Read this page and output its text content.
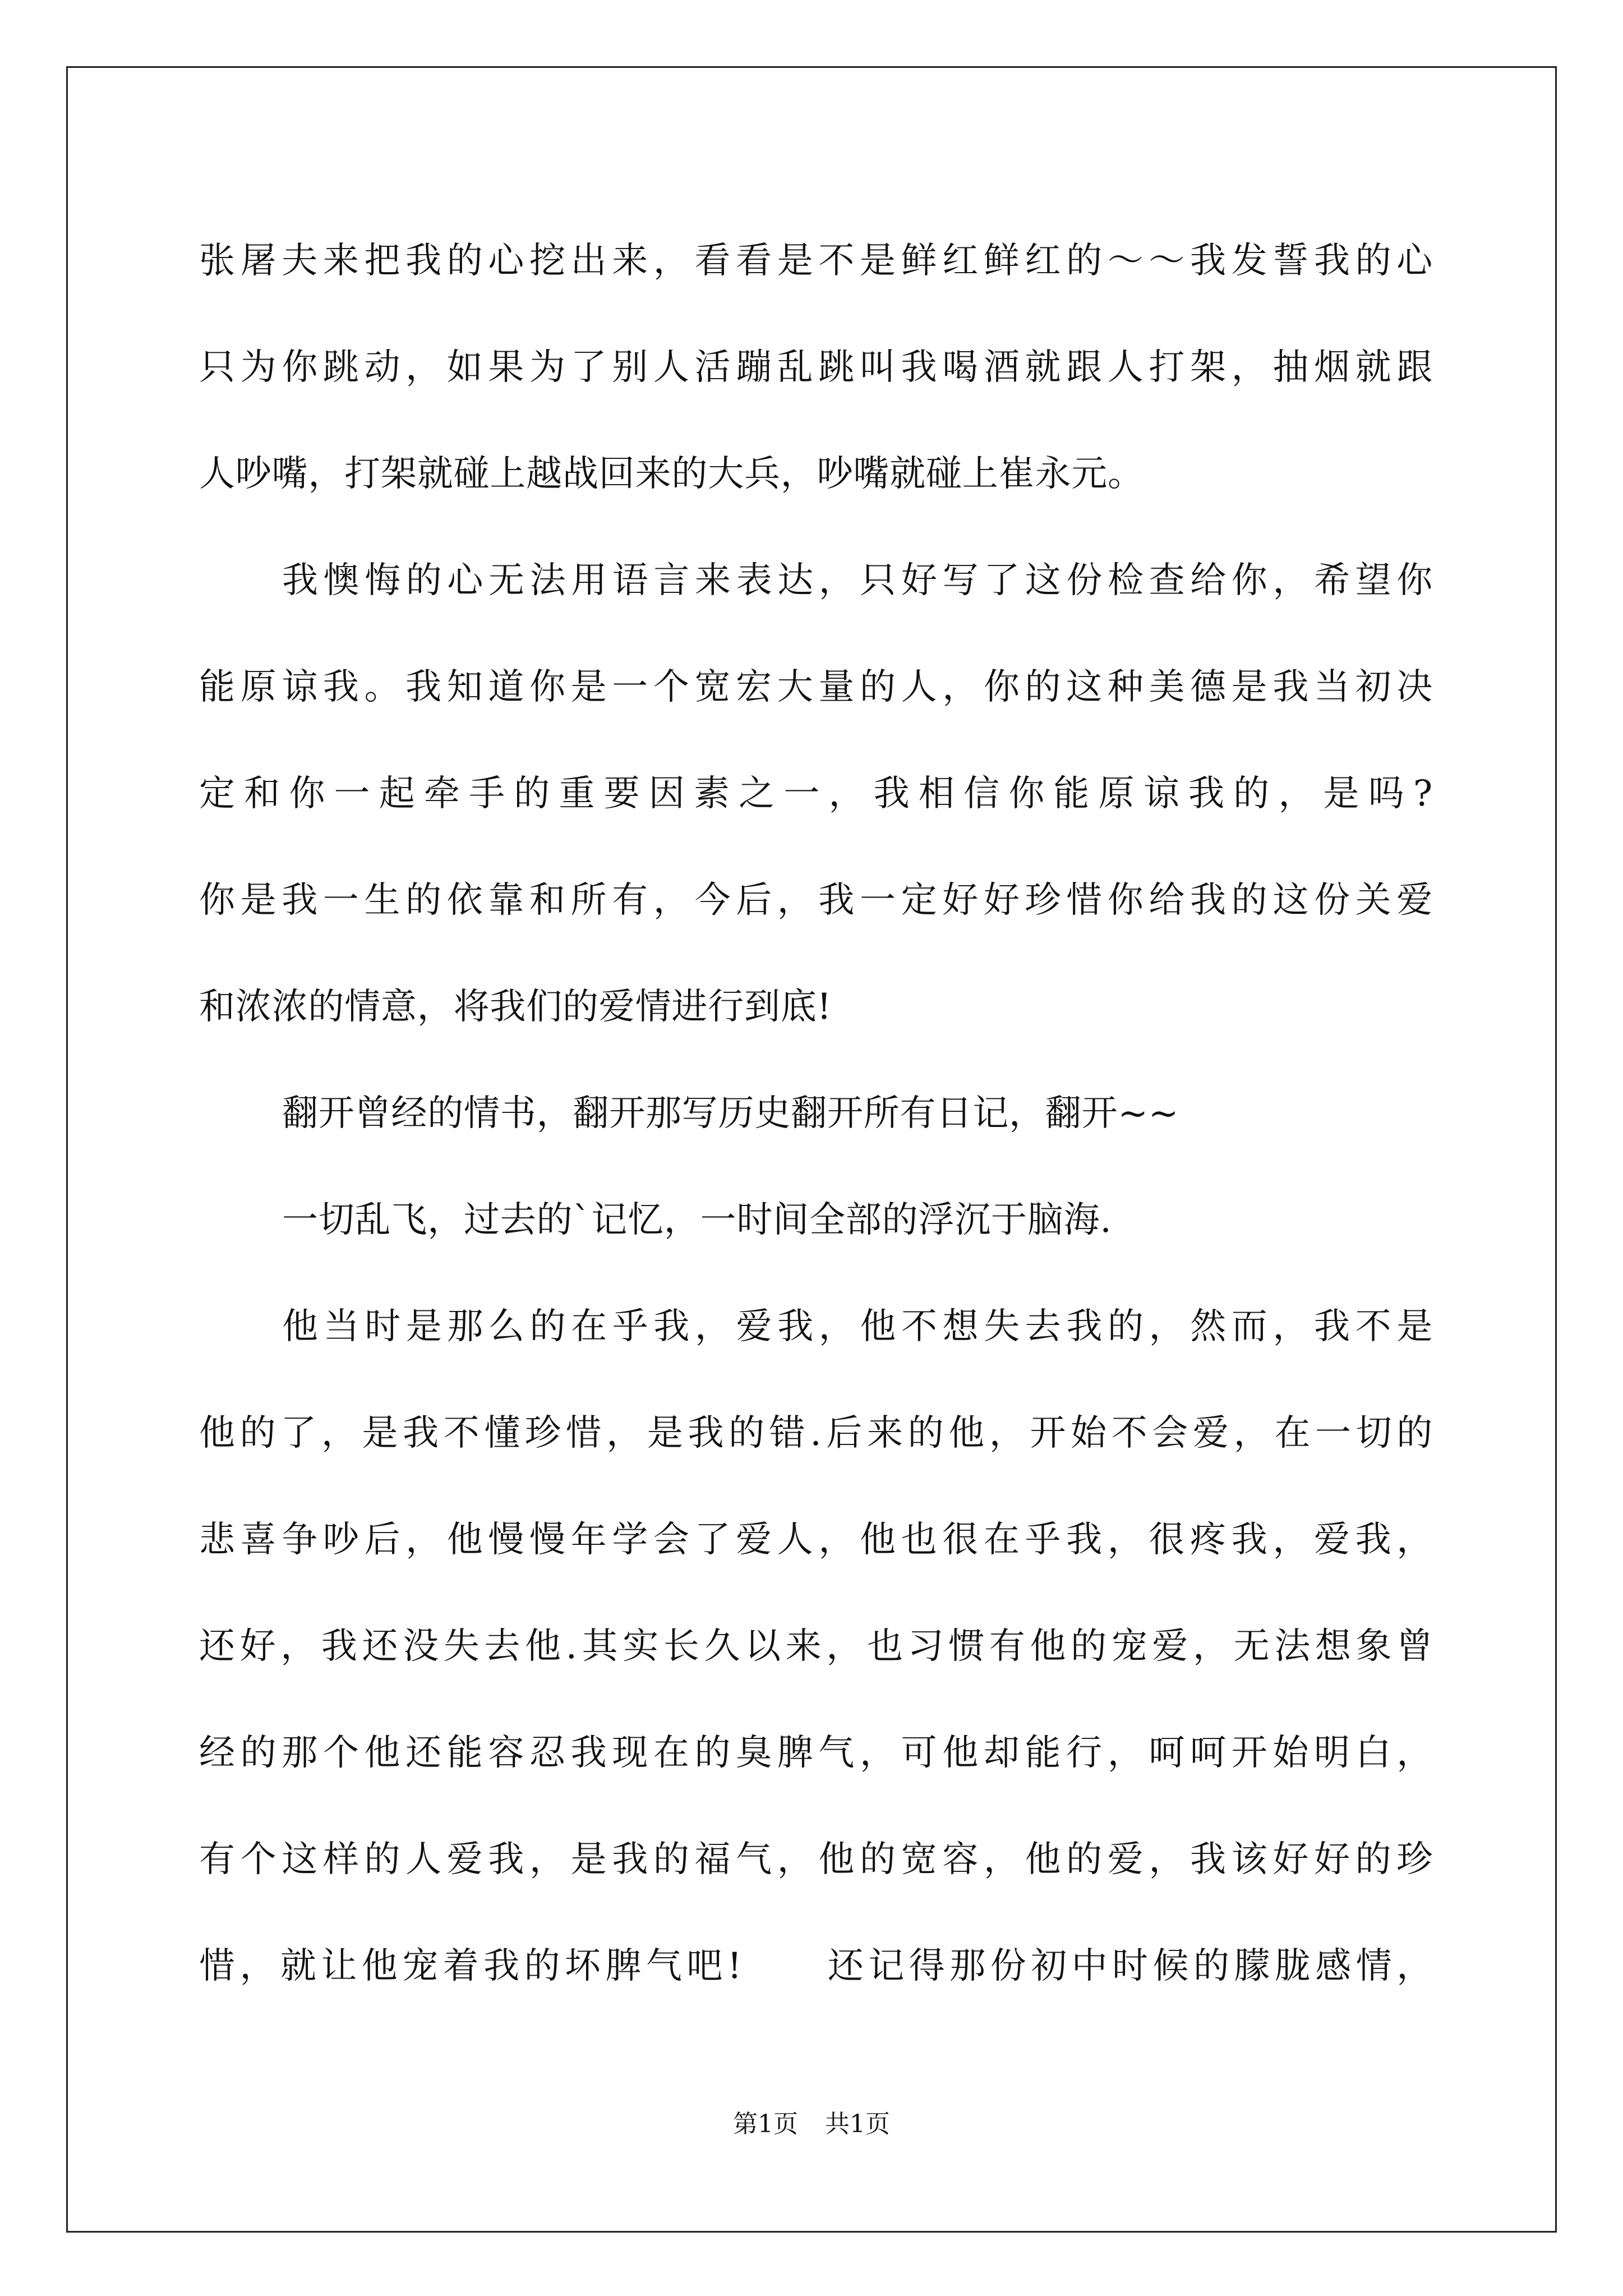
张屠夫来把我的心挖出来，看看是不是鲜红鲜红的～～我发誓我的心
只为你跳动，如果为了别人活蹦乱跳叫我喝酒就跟人打架，抽烟就跟
人吵嘴，打架就碰上越战回来的大兵，吵嘴就碰上崔永元。
我懊悔的心无法用语言来表达，只好写了这份检查给你，希望你
能原谅我。我知道你是一个宽宏大量的人，你的这种美德是我当初决
定和你一起牵手的重要因素之一，我相信你能原谅我的，是吗?
你是我一生的依靠和所有，今后，我一定好好珍惜你给我的这份关爱
和浓浓的情意，将我们的爱情进行到底!
翻开曾经的情书，翻开那写历史翻开所有日记，翻开~~
一切乱飞，过去的`记忆，一时间全部的浮沉于脑海.
他当时是那么的在乎我，爱我，他不想失去我的，然而，我不是
他的了，是我不懂珍惜，是我的错.后来的他，开始不会爱，在一切的
悲喜争吵后，他慢慢年学会了爱人，他也很在乎我，很疼我，爱我，
还好，我还没失去他.其实长久以来，也习惯有他的宠爱，无法想象曾
经的那个他还能容忍我现在的臭脾气，可他却能行，呵呵开始明白，
有个这样的人爱我，是我的福气，他的宽容，他的爱，我该好好的珍
惜，就让他宠着我的坏脾气吧!　　还记得那份初中时候的朦胧感情，
第1页 共1页
